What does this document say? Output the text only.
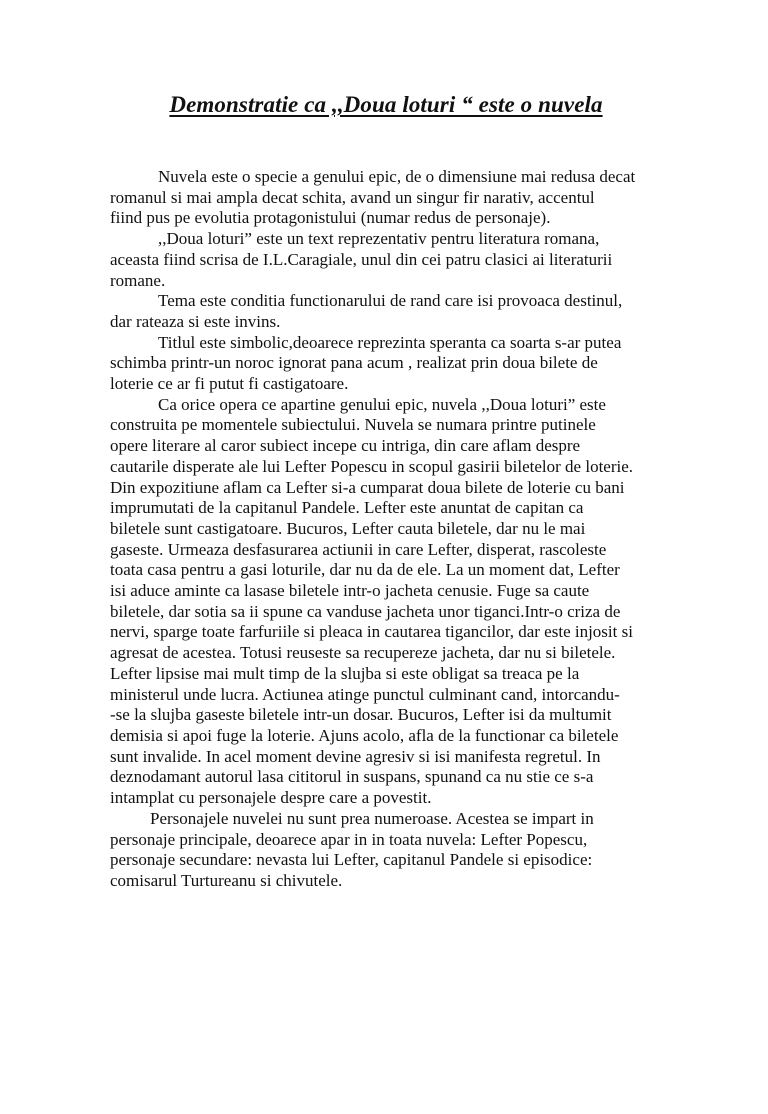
Demonstratie ca ,,Doua loturi “ este o nuvela

Nuvela este o specie a genului epic, de o dimensiune mai redusa decat
romanul si mai ampla decat schita, avand un singur fir narativ, accentul
fiind pus pe evolutia protagonistului (numar redus de personaje).

,,Doua loturi” este un text reprezentativ pentru literatura romana,
aceasta fiind scrisa de I.L.Caragiale, unul din cei patru clasici ai literaturii
romane.

Tema este conditia functionarului de rand care isi provoaca destinul,
dar rateaza si este invins.

Titlul este simbolic,deoarece reprezinta speranta ca soarta s-ar putea
schimba printr-un noroc ignorat pana acum , realizat prin doua bilete de
loterie ce ar fi putut fi castigatoare.

Ca orice opera ce apartine genului epic, nuvela ,,Doua loturi” este
construita pe momentele subiectului. Nuvela se numara printre putinele
opere literare al caror subiect incepe cu intriga, din care aflam despre
cautarile disperate ale lui Lefter Popescu in scopul gasirii biletelor de loterie.
Din expozitiune aflam ca Lefter si-a cumparat doua bilete de loterie cu bani
imprumutati de la capitanul Pandele. Lefter este anuntat de capitan ca
biletele sunt castigatoare. Bucuros, Lefter cauta biletele, dar nu le mai
gaseste. Urmeaza desfasurarea actiunii in care Lefter, disperat, rascoleste
toata casa pentru a gasi loturile, dar nu da de ele. La un moment dat, Lefter
isi aduce aminte ca lasase biletele intr-o jacheta cenusie. Fuge sa caute
biletele, dar sotia sa ii spune ca vanduse jacheta unor tiganci.Intr-o criza de
nervi, sparge toate farfuriile si pleaca in cautarea tigancilor, dar este injosit si
agresat de acestea. Totusi reuseste sa recupereze jacheta, dar nu si biletele.
Lefter lipsise mai mult timp de la slujba si este obligat sa treaca pe la
ministerul unde lucra. Actiunea atinge punctul culminant cand, intorcandu-
-se la slujba gaseste biletele intr-un dosar. Bucuros, Lefter isi da multumit
demisia si apoi fuge la loterie. Ajuns acolo, afla de la functionar ca biletele
sunt invalide. In acel moment devine agresiv si isi manifesta regretul. In
deznodamant autorul lasa cititorul in suspans, spunand ca nu stie ce s-a
intamplat cu personajele despre care a povestit.

Personajele nuvelei nu sunt prea numeroase. Acestea se impart in
personaje principale, deoarece apar in in toata nuvela: Lefter Popescu,
personaje secundare: nevasta lui Lefter, capitanul Pandele si episodice:
comisarul Turtureanu si chivutele.
